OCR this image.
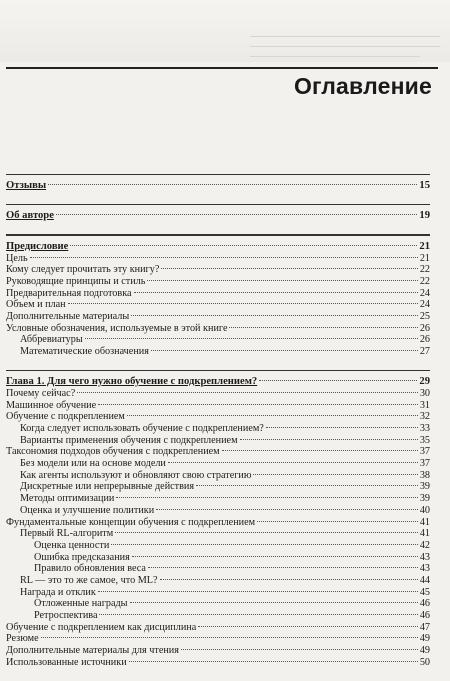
Оглавление
Отзывы	15
Об авторе	19
Предисловие	21
Цель	21
Кому следует прочитать эту книгу?	22
Руководящие принципы и стиль	22
Предварительная подготовка	24
Объем и план	24
Дополнительные материалы	25
Условные обозначения, используемые в этой книге	26
Аббревиатуры	26
Математические обозначения	27
Глава 1. Для чего нужно обучение с подкреплением?	29
Почему сейчас?	30
Машинное обучение	31
Обучение с подкреплением	32
Когда следует использовать обучение с подкреплением?	33
Варианты применения обучения с подкреплением	35
Таксономия подходов обучения с подкреплением	37
Без модели или на основе модели	37
Как агенты используют и обновляют свою стратегию	38
Дискретные или непрерывные действия	39
Методы оптимизации	39
Оценка и улучшение политики	40
Фундаментальные концепции обучения с подкреплением	41
Первый RL-алгоритм	41
Оценка ценности	42
Ошибка предсказания	43
Правило обновления веса	43
RL — это то же самое, что ML?	44
Награда и отклик	45
Отложенные награды	46
Ретроспектива	46
Обучение с подкреплением как дисциплина	47
Резюме	49
Дополнительные материалы для чтения	49
Использованные источники	50
